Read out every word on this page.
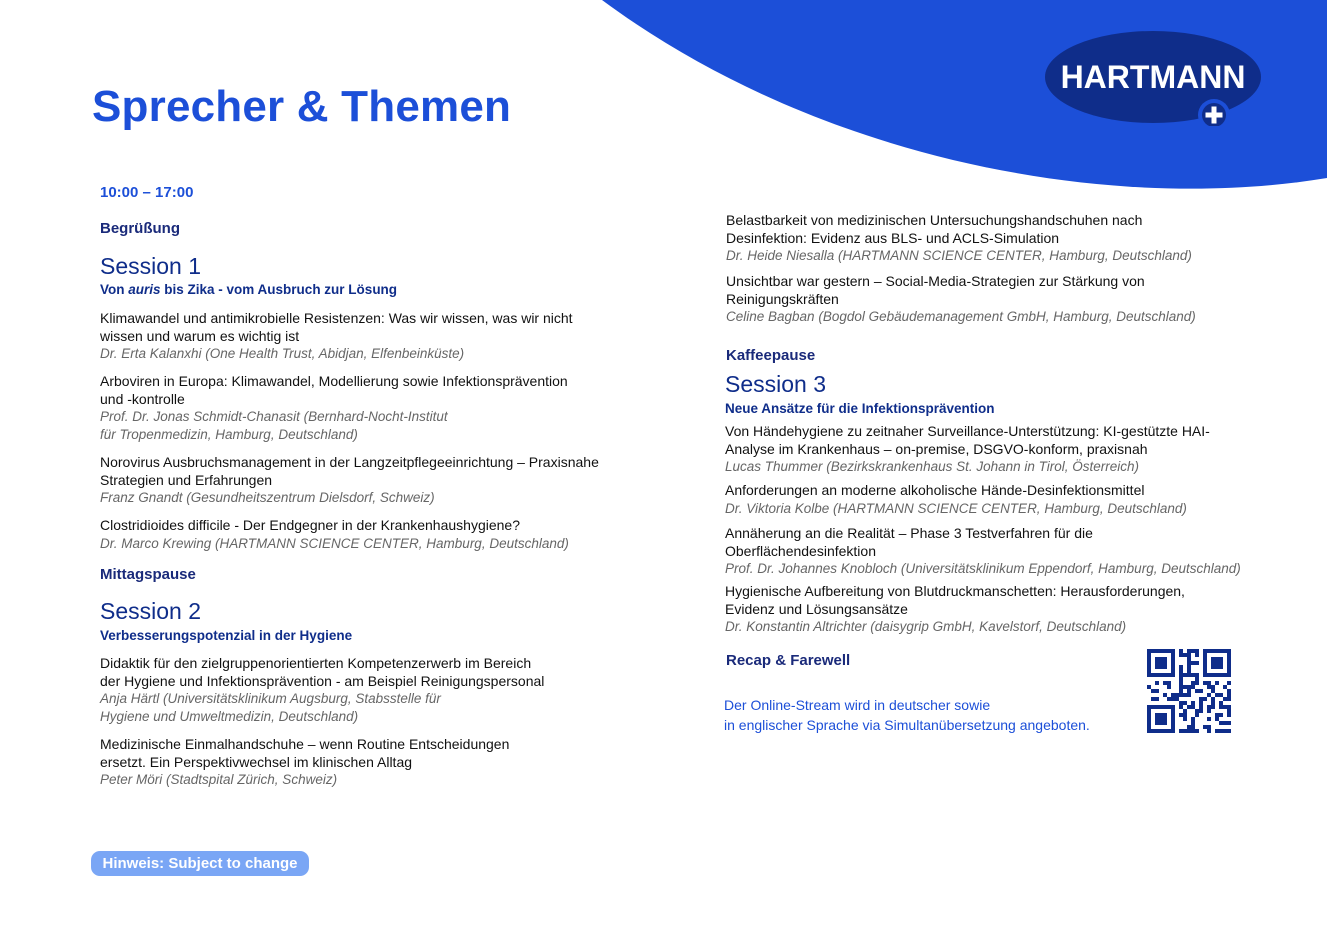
HARTMANN
Sprecher & Themen
10:00 – 17:00
Begrüßung
Session 1
Von auris bis Zika - vom Ausbruch zur Lösung
Klimawandel und antimikrobielle Resistenzen: Was wir wissen, was wir nicht
wissen und warum es wichtig ist
Dr. Erta Kalanxhi (One Health Trust, Abidjan, Elfenbeinküste)
Arboviren in Europa: Klimawandel, Modellierung sowie Infektionsprävention
und -kontrolle
Prof. Dr. Jonas Schmidt-Chanasit (Bernhard-Nocht-Institut
für Tropenmedizin, Hamburg, Deutschland)
Norovirus Ausbruchsmanagement in der Langzeitpflegeeinrichtung – Praxisnahe
Strategien und Erfahrungen
Franz Gnandt (Gesundheitszentrum Dielsdorf, Schweiz)
Clostridioides difficile - Der Endgegner in der Krankenhaushygiene?
Dr. Marco Krewing (HARTMANN SCIENCE CENTER, Hamburg, Deutschland)
Mittagspause
Session 2
Verbesserungspotenzial in der Hygiene
Didaktik für den zielgruppenorientierten Kompetenzerwerb im Bereich
der Hygiene und Infektionsprävention - am Beispiel Reinigungspersonal
Anja Härtl (Universitätsklinikum Augsburg, Stabsstelle für
Hygiene und Umweltmedizin, Deutschland)
Medizinische Einmalhandschuhe – wenn Routine Entscheidungen
ersetzt. Ein Perspektivwechsel im klinischen Alltag
Peter Möri (Stadtspital Zürich, Schweiz)
Belastbarkeit von medizinischen Untersuchungshandschuhen nach
Desinfektion: Evidenz aus BLS- und ACLS-Simulation
Dr. Heide Niesalla (HARTMANN SCIENCE CENTER, Hamburg, Deutschland)
Unsichtbar war gestern – Social-Media-Strategien zur Stärkung von
Reinigungskräften
Celine Bagban (Bogdol Gebäudemanagement GmbH, Hamburg, Deutschland)
Kaffeepause
Session 3
Neue Ansätze für die Infektionsprävention
Von Händehygiene zu zeitnaher Surveillance-Unterstützung: KI-gestützte HAI-
Analyse im Krankenhaus – on-premise, DSGVO-konform, praxisnah
Lucas Thummer (Bezirkskrankenhaus St. Johann in Tirol, Österreich)
Anforderungen an moderne alkoholische Hände-Desinfektionsmittel
Dr. Viktoria Kolbe (HARTMANN SCIENCE CENTER, Hamburg, Deutschland)
Annäherung an die Realität – Phase 3 Testverfahren für die
Oberflächendesinfektion
Prof. Dr. Johannes Knobloch (Universitätsklinikum Eppendorf, Hamburg, Deutschland)
Hygienische Aufbereitung von Blutdruckmanschetten: Herausforderungen,
Evidenz und Lösungsansätze
Dr. Konstantin Altrichter (daisygrip GmbH, Kavelstorf, Deutschland)
Recap & Farewell
Der Online-Stream wird in deutscher sowie
in englischer Sprache via Simultanübersetzung angeboten.
Hinweis: Subject to change
